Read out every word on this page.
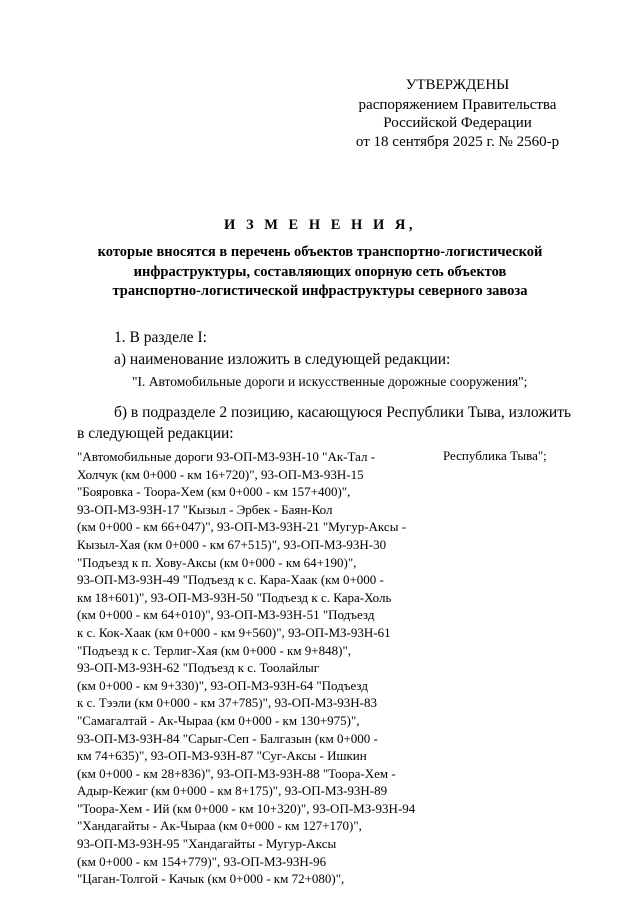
УТВЕРЖДЕНЫ
распоряжением Правительства
Российской Федерации
от 18 сентября 2025 г. № 2560-р
И З М Е Н Е Н И Я,
которые вносятся в перечень объектов транспортно-логистической
инфраструктуры, составляющих опорную сеть объектов
транспортно-логистической инфраструктуры северного завоза
1. В разделе I:
а) наименование изложить в следующей редакции:
"I. Автомобильные дороги и искусственные дорожные сооружения";
б) в подразделе 2 позицию, касающуюся Республики Тыва, изложить
в следующей редакции:
"Автомобильные дороги 93-ОП-МЗ-93Н-10 "Ак-Тал -
Холчук (км 0+000 - км 16+720)", 93-ОП-МЗ-93Н-15
"Бояровка - Тоора-Хем (км 0+000 - км 157+400)",
93-ОП-МЗ-93Н-17 "Кызыл - Эрбек - Баян-Кол
(км 0+000 - км 66+047)", 93-ОП-МЗ-93Н-21 "Мугур-Аксы -
Кызыл-Хая (км 0+000 - км 67+515)", 93-ОП-МЗ-93Н-30
"Подъезд к п. Хову-Аксы (км 0+000 - км 64+190)",
93-ОП-МЗ-93Н-49 "Подъезд к с. Кара-Хаак (км 0+000 -
км 18+601)", 93-ОП-МЗ-93Н-50 "Подъезд к с. Кара-Холь
(км 0+000 - км 64+010)", 93-ОП-МЗ-93Н-51 "Подъезд
к с. Кок-Хаак (км 0+000 - км 9+560)", 93-ОП-МЗ-93Н-61
"Подъезд к с. Терлиг-Хая (км 0+000 - км 9+848)",
93-ОП-МЗ-93Н-62 "Подъезд к с. Тоолайлыг
(км 0+000 - км 9+330)", 93-ОП-МЗ-93Н-64 "Подъезд
к с. Тээли (км 0+000 - км 37+785)", 93-ОП-МЗ-93Н-83
"Самагалтай - Ак-Чыраа (км 0+000 - км 130+975)",
93-ОП-МЗ-93Н-84 "Сарыг-Сеп - Балгазын (км 0+000 -
км 74+635)", 93-ОП-МЗ-93Н-87 "Суг-Аксы - Ишкин
(км 0+000 - км 28+836)", 93-ОП-МЗ-93Н-88 "Тоора-Хем -
Адыр-Кежиг (км 0+000 - км 8+175)", 93-ОП-МЗ-93Н-89
"Тоора-Хем - Ий (км 0+000 - км 10+320)", 93-ОП-МЗ-93Н-94
"Хандагайты - Ак-Чыраа (км 0+000 - км 127+170)",
93-ОП-МЗ-93Н-95 "Хандагайты - Мугур-Аксы
(км 0+000 - км 154+779)", 93-ОП-МЗ-93Н-96
"Цаган-Толгой - Качык (км 0+000 - км 72+080)",
Республика Тыва";
